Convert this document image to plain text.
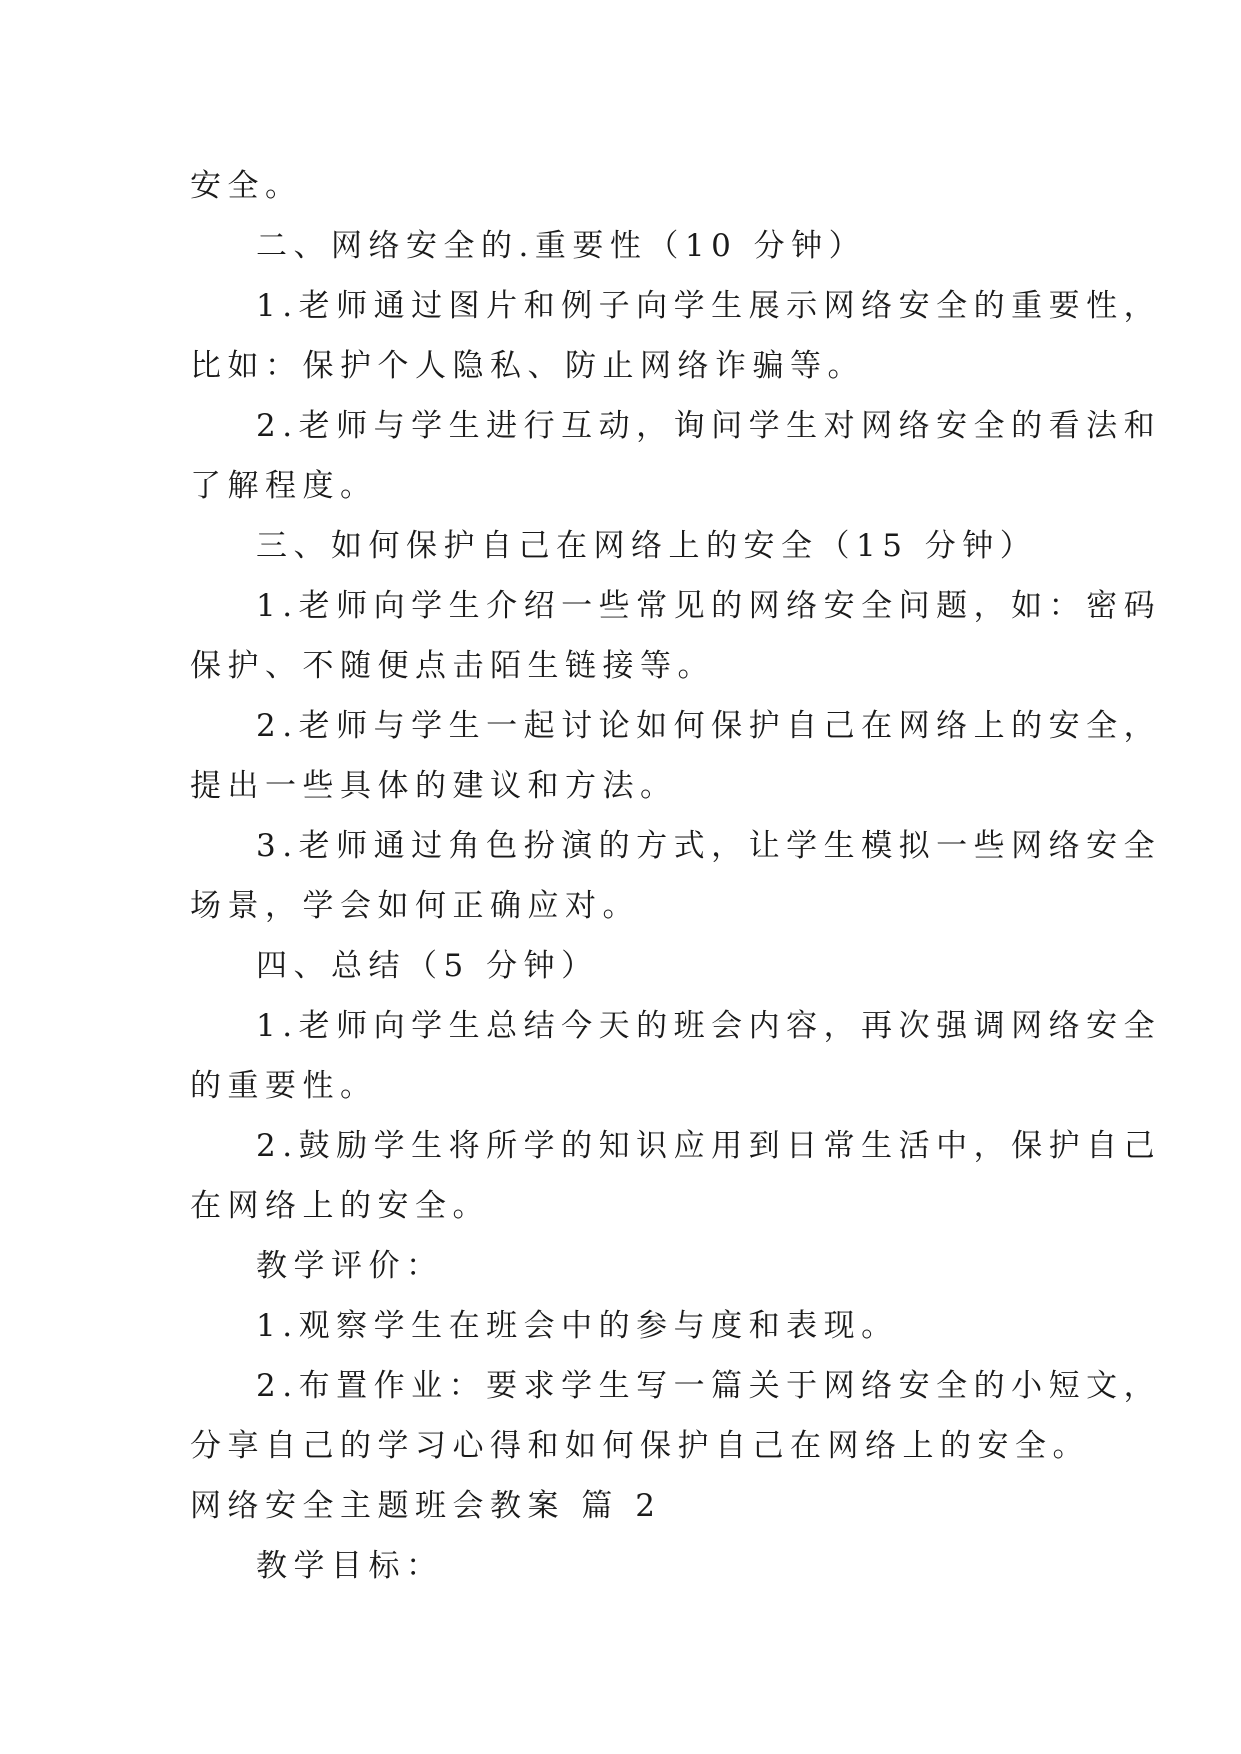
安全。

二、网络安全的.重要性（10 分钟）

1.老师通过图片和例子向学生展示网络安全的重要性，

比如：保护个人隐私、防止网络诈骗等。

2.老师与学生进行互动，询问学生对网络安全的看法和

了解程度。

三、如何保护自己在网络上的安全（15 分钟）

1.老师向学生介绍一些常见的网络安全问题，如：密码

保护、不随便点击陌生链接等。

2.老师与学生一起讨论如何保护自己在网络上的安全，

提出一些具体的建议和方法。

3.老师通过角色扮演的方式，让学生模拟一些网络安全

场景，学会如何正确应对。

四、总结（5 分钟）

1.老师向学生总结今天的班会内容，再次强调网络安全

的重要性。

2.鼓励学生将所学的知识应用到日常生活中，保护自己

在网络上的安全。

教学评价：

1.观察学生在班会中的参与度和表现。

2.布置作业：要求学生写一篇关于网络安全的小短文，

分享自己的学习心得和如何保护自己在网络上的安全。

网络安全主题班会教案 篇 2

教学目标：
